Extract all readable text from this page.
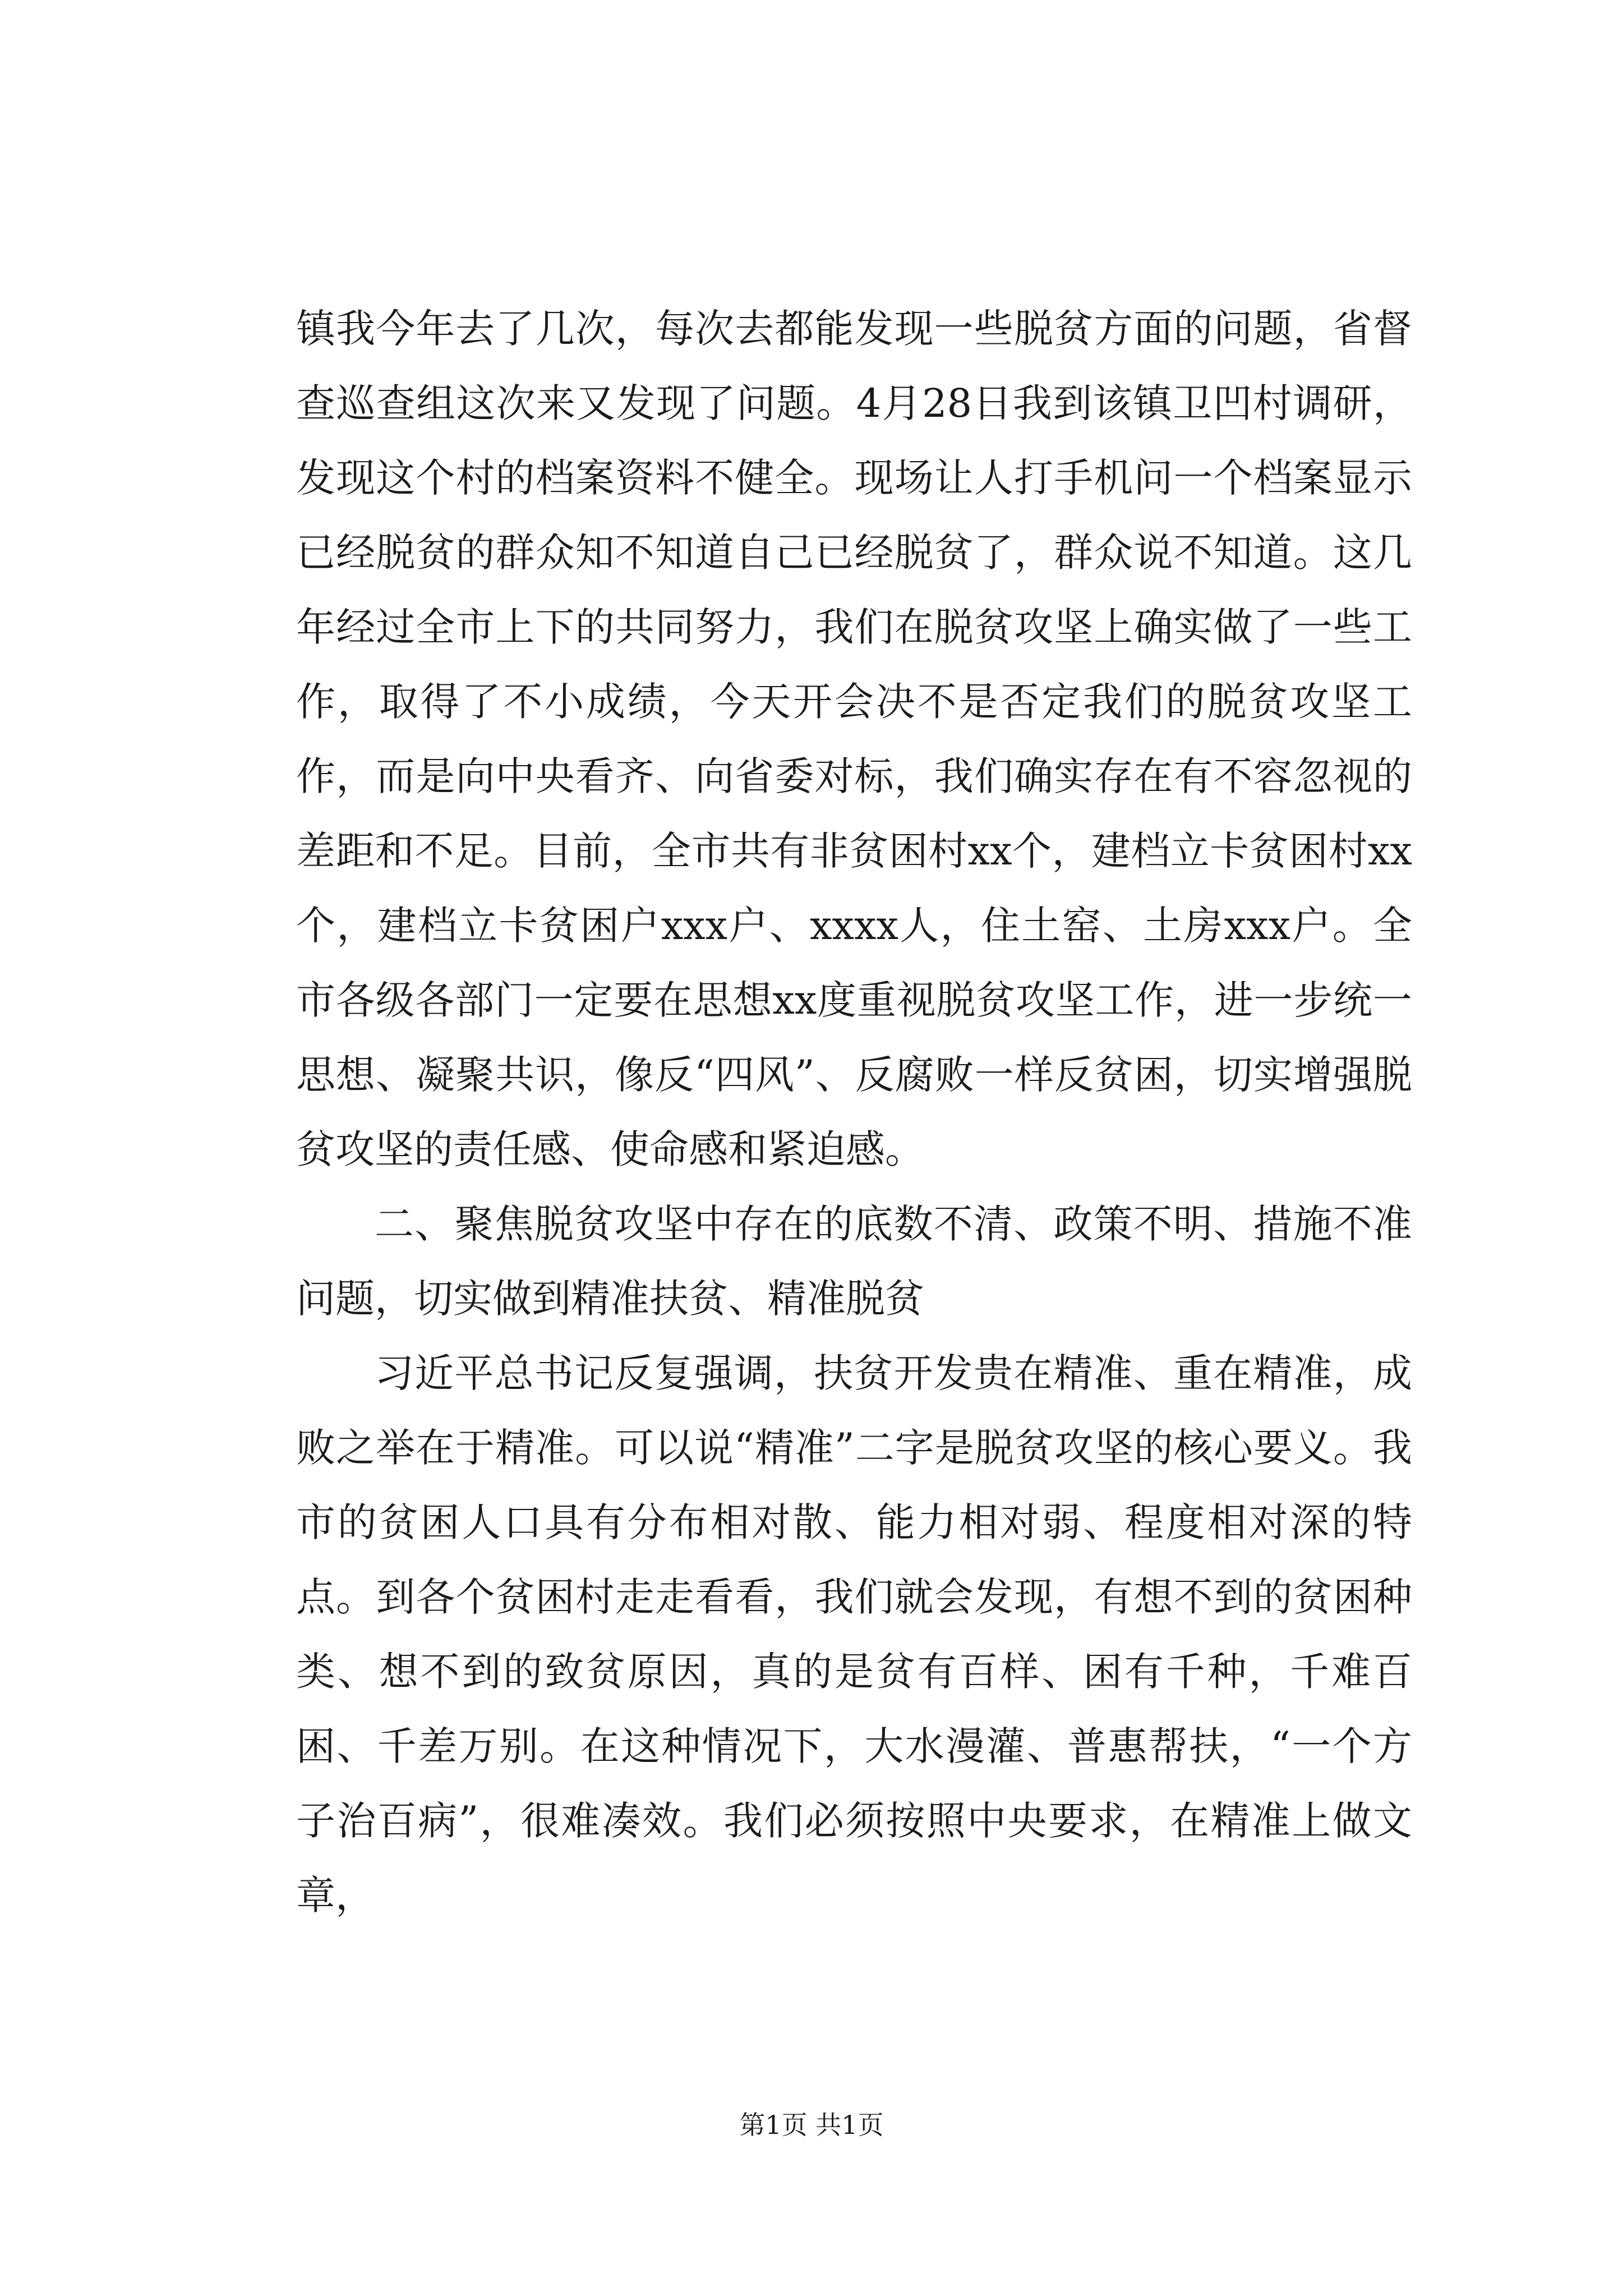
镇我今年去了几次，每次去都能发现一些脱贫方面的问题，省督查巡查组这次来又发现了问题。4月28日我到该镇卫凹村调研，发现这个村的档案资料不健全。现场让人打手机问一个档案显示已经脱贫的群众知不知道自己已经脱贫了，群众说不知道。这几年经过全市上下的共同努力，我们在脱贫攻坚上确实做了一些工作，取得了不小成绩，今天开会决不是否定我们的脱贫攻坚工作，而是向中央看齐、向省委对标，我们确实存在有不容忽视的差距和不足。目前，全市共有非贫困村xx个，建档立卡贫困村xx个，建档立卡贫困户xxx户、xxxx人，住土窑、土房xxx户。全市各级各部门一定要在思想xx度重视脱贫攻坚工作，进一步统一思想、凝聚共识，像反“四风”、反腐败一样反贫困，切实增强脱贫攻坚的责任感、使命感和紧迫感。

二、聚焦脱贫攻坚中存在的底数不清、政策不明、措施不准问题，切实做到精准扶贫、精准脱贫

习近平总书记反复强调，扶贫开发贵在精准、重在精准，成败之举在于精准。可以说“精准”二字是脱贫攻坚的核心要义。我市的贫困人口具有分布相对散、能力相对弱、程度相对深的特点。到各个贫困村走走看看，我们就会发现，有想不到的贫困种类、想不到的致贫原因，真的是贫有百样、困有千种，千难百困、千差万别。在这种情况下，大水漫灌、普惠帮扶，“一个方子治百病”，很难凑效。我们必须按照中央要求，在精准上做文章，

第1页 共1页
